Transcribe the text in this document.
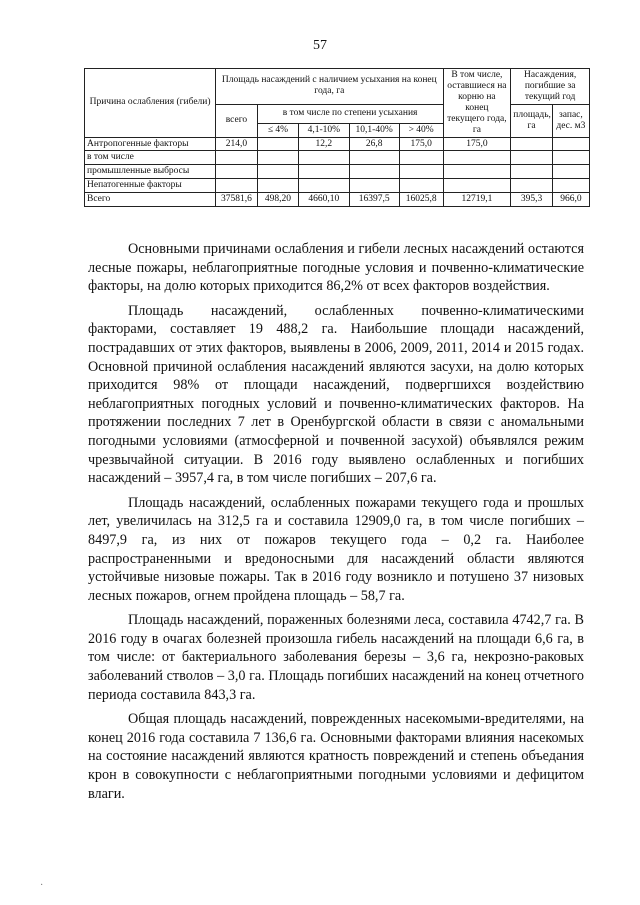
57
Причина ослабления (гибели)	Площадь насаждений с наличием усыхания на конец года, га					В том числе, оставшиеся на корню на конец текущего года, га	Насаждения, погибшие за текущий год	
	всего	в том числе по степени усыхания					площадь, га	запас, дес. м3
		≤ 4%	4,1-10%	10,1-40%	> 40%			
Антропогенные факторы	214,0		12,2	26,8	175,0	175,0		
в том числе								
промышленные выбросы								
Непатогенные факторы								
Всего	37581,6	498,20	4660,10	16397,5	16025,8	12719,1	395,3	966,0

Основными причинами ослабления и гибели лесных насаждений остаются лесные пожары, неблагоприятные погодные условия и почвенно-климатические факторы, на долю которых приходится 86,2% от всех факторов воздействия.

Площадь насаждений, ослабленных почвенно-климатическими факторами, составляет 19 488,2 га. Наибольшие площади насаждений, пострадавших от этих факторов, выявлены в 2006, 2009, 2011, 2014 и 2015 годах. Основной причиной ослабления насаждений являются засухи, на долю которых приходится 98% от площади насаждений, подвергшихся воздействию неблагоприятных погодных условий и почвенно-климатических факторов. На протяжении последних 7 лет в Оренбургской области в связи с аномальными погодными условиями (атмосферной и почвенной засухой) объявлялся режим чрезвычайной ситуации. В 2016 году выявлено ослабленных и погибших насаждений – 3957,4 га, в том числе погибших – 207,6 га.

Площадь насаждений, ослабленных пожарами текущего года и прошлых лет, увеличилась на 312,5 га и составила 12909,0 га, в том числе погибших – 8497,9 га, из них от пожаров текущего года – 0,2 га. Наиболее распространенными и вредоносными для насаждений области являются устойчивые низовые пожары. Так в 2016 году возникло и потушено 37 низовых лесных пожаров, огнем пройдена площадь – 58,7 га.

Площадь насаждений, пораженных болезнями леса, составила 4742,7 га. В 2016 году в очагах болезней произошла гибель насаждений на площади 6,6 га, в том числе: от бактериального заболевания березы – 3,6 га, некрозно-раковых заболеваний стволов – 3,0 га. Площадь погибших насаждений на конец отчетного периода составила 843,3 га.

Общая площадь насаждений, поврежденных насекомыми-вредителями, на конец 2016 года составила 7 136,6 га. Основными факторами влияния насекомых на состояние насаждений являются кратность повреждений и степень объедания крон в совокупности с неблагоприятными погодными условиями и дефицитом влаги.

·
